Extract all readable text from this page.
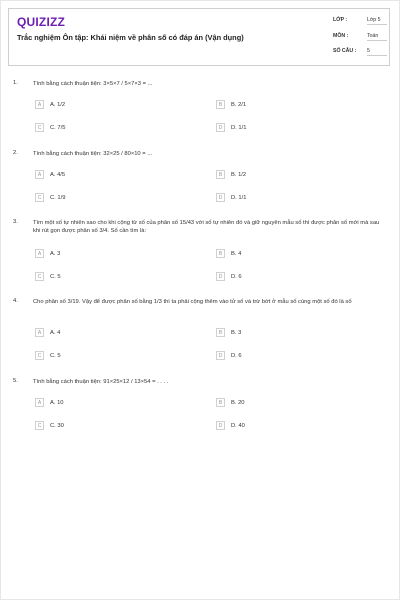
QUIZIZZ
Trắc nghiệm Ôn tập: Khái niệm về phân số có đáp án (Vận dụng)
LỚP :	Lớp 5
MÔN :	Toán
SỐ CÂU : 5
1.	Tính bằng cách thuận tiện: 3×5×7 / 5×7×3 = ...
A	A. 1/2	B	B. 2/1
C	C. 7/5	D	D. 1/1
2.	Tính bằng cách thuận tiện: 32×25 / 80×10 = ...
A	A. 4/5	B	B. 1/2
C	C. 1/9	D	D. 1/1
3.	Tìm một số tự nhiên sao cho khi cộng từ số của phân số 15/43 với số tự nhiên đó và giữ nguyên mẫu số thì được phân số mới mà sau khi rút gọn được phân số 3/4. Số cần tìm là:
A	A. 3	B	B. 4
C	C. 5	D	D. 6
4.	Cho phân số 3/19. Vậy để được phân số bằng 1/3 thì ta phải cộng thêm vào tử số và trừ bớt ở mẫu số cùng một số đó là số
A	A. 4	B	B. 3
C	C. 5	D	D. 6
5.	Tính bằng cách thuận tiện: 91×25×12 / 13×54 = . . . .
A	A. 10	B	B. 20
C	C. 30	D	D. 40
